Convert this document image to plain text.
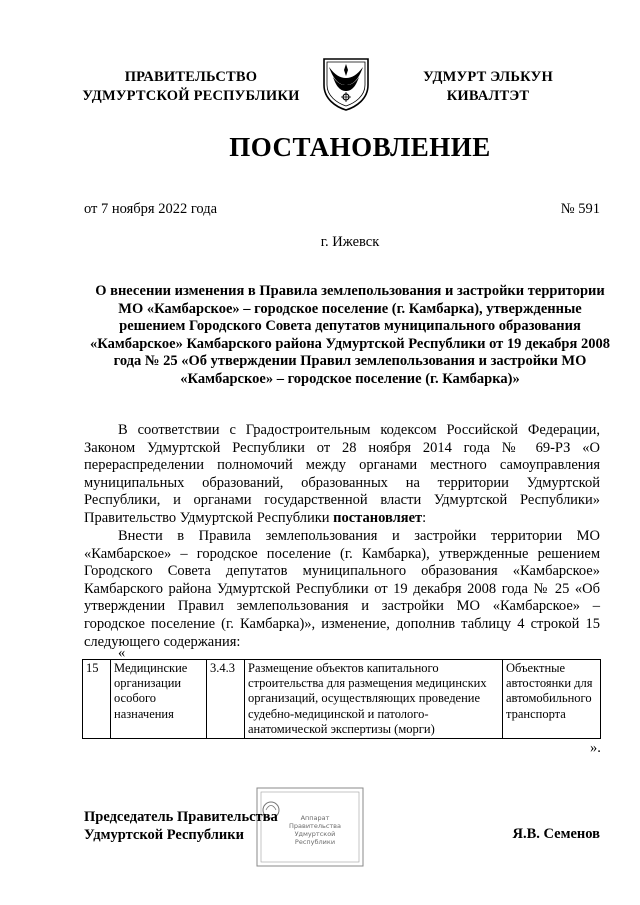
ПРАВИТЕЛЬСТВО
УДМУРТСКОЙ РЕСПУБЛИКИ
УДМУРТ ЭЛЬКУН
КИВАЛТЭТ
ПОСТАНОВЛЕНИЕ
от 7 ноября 2022 года	№ 591
г. Ижевск
О внесении изменения в Правила землепользования и застройки территории МО «Камбарское» – городское поселение (г. Камбарка), утвержденные решением Городского Совета депутатов муниципального образования «Камбарское» Камбарского района Удмуртской Республики от 19 декабря 2008 года № 25 «Об утверждении Правил землепользования и застройки МО «Камбарское» – городское поселение (г. Камбарка)»
В соответствии с Градостроительным кодексом Российской Федерации, Законом Удмуртской Республики от 28 ноября 2014 года № 69-РЗ «О перераспределении полномочий между органами местного самоуправления муниципальных образований, образованных на территории Удмуртской Республики, и органами государственной власти Удмуртской Республики» Правительство Удмуртской Республики постановляет:
Внести в Правила землепользования и застройки территории МО «Камбарское» – городское поселение (г. Камбарка), утвержденные решением Городского Совета депутатов муниципального образования «Камбарское» Камбарского района Удмуртской Республики от 19 декабря 2008 года № 25 «Об утверждении Правил землепользования и застройки МО «Камбарское» – городское поселение (г. Камбарка)», изменение, дополнив таблицу 4 строкой 15 следующего содержания:
«
15	Медицинские организации особого назначения	3.4.3	Размещение объектов капитального строительства для размещения медицинских организаций, осуществляющих проведение судебно-медицинской и патолого-анатомической экспертизы (морги)	Объектные автостоянки для автомобильного транспорта
».
Аппарат Правительства Удмуртской Республики
Председатель Правительства
Удмуртской Республики	Я.В. Семенов
